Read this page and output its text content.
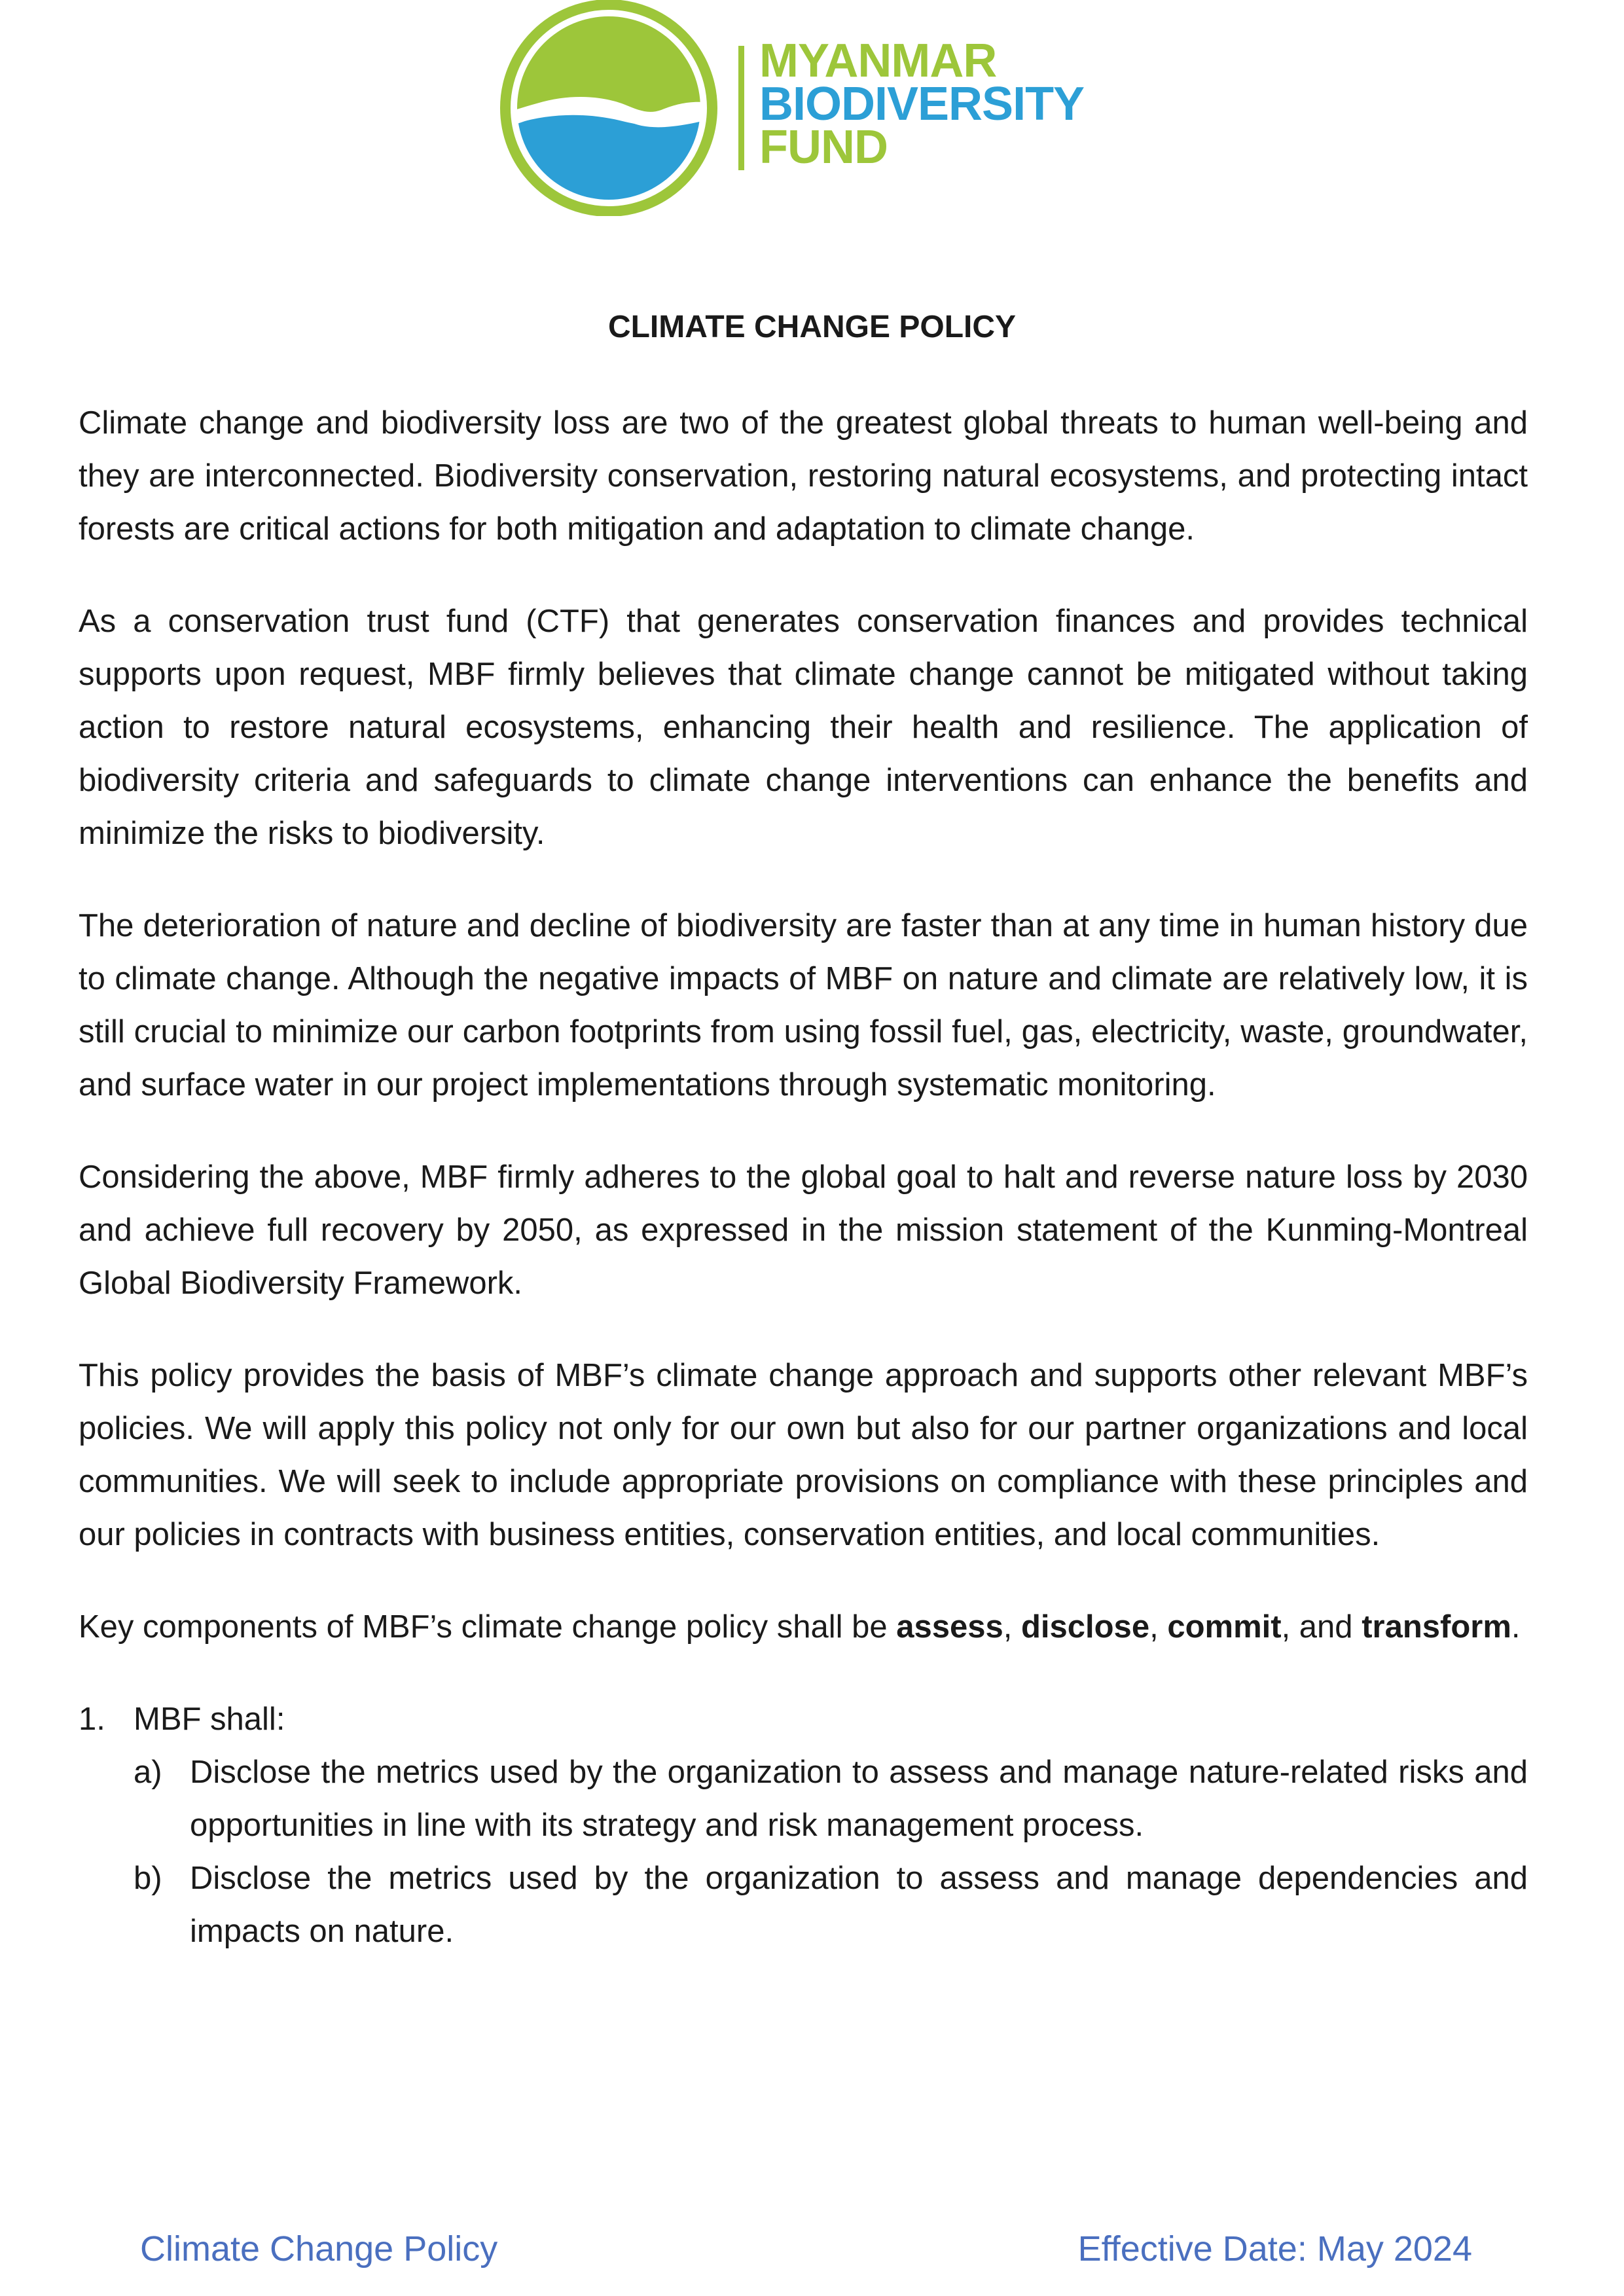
MYANMAR
BIODIVERSITY
FUND
CLIMATE CHANGE POLICY

Climate change and biodiversity loss are two of the greatest global threats to human well-being and they are interconnected. Biodiversity conservation, restoring natural ecosystems, and protecting intact forests are critical actions for both mitigation and adaptation to climate change.

As a conservation trust fund (CTF) that generates conservation finances and provides technical supports upon request, MBF firmly believes that climate change cannot be mitigated without taking action to restore natural ecosystems, enhancing their health and resilience. The application of biodiversity criteria and safeguards to climate change interventions can enhance the benefits and minimize the risks to biodiversity.

The deterioration of nature and decline of biodiversity are faster than at any time in human history due to climate change. Although the negative impacts of MBF on nature and climate are relatively low, it is still crucial to minimize our carbon footprints from using fossil fuel, gas, electricity, waste, groundwater, and surface water in our project implementations through systematic monitoring.

Considering the above, MBF firmly adheres to the global goal to halt and reverse nature loss by 2030 and achieve full recovery by 2050, as expressed in the mission statement of the Kunming-Montreal Global Biodiversity Framework.

This policy provides the basis of MBF’s climate change approach and supports other relevant MBF’s policies. We will apply this policy not only for our own but also for our partner organizations and local communities. We will seek to include appropriate provisions on compliance with these principles and our policies in contracts with business entities, conservation entities, and local communities.

Key components of MBF’s climate change policy shall be assess, disclose, commit, and transform.

1. MBF shall:
a) Disclose the metrics used by the organization to assess and manage nature-related risks and opportunities in line with its strategy and risk management process.
b) Disclose the metrics used by the organization to assess and manage dependencies and impacts on nature.
Climate Change Policy	Effective Date: May 2024
